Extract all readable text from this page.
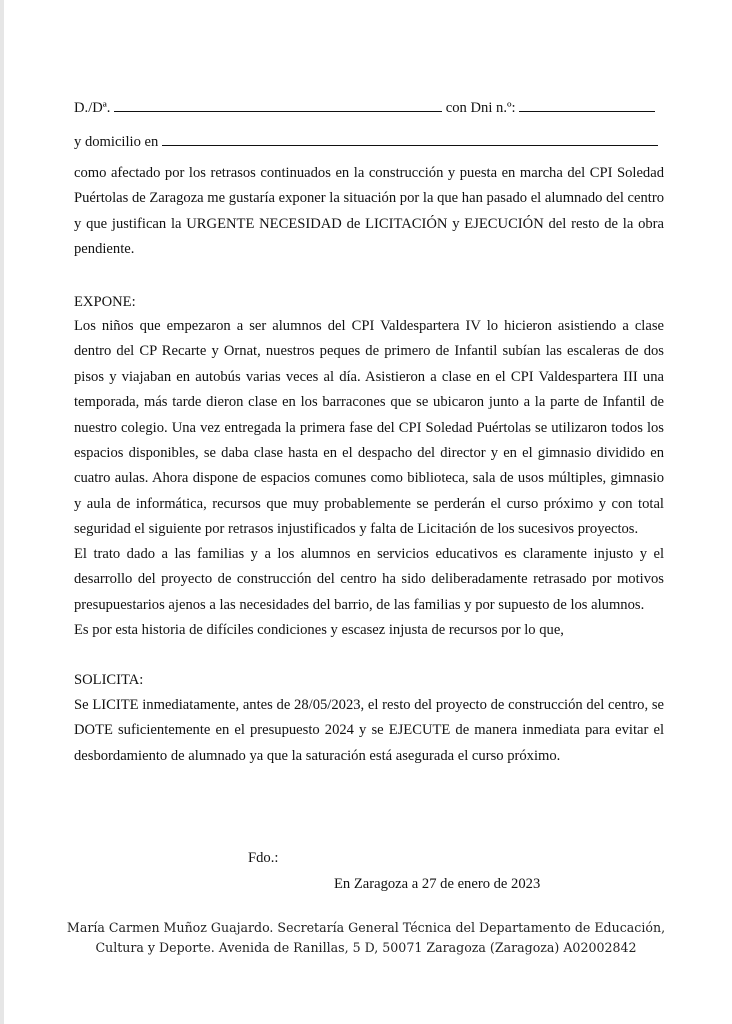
D./Dª.	con Dni n.º:
y domicilio en

como afectado por los retrasos continuados en la construcción y puesta en marcha del CPI Soledad Puértolas de Zaragoza me gustaría exponer la situación por la que han pasado el alumnado del centro y que justifican la URGENTE NECESIDAD de LICITACIÓN y EJECUCIÓN del resto de la obra pendiente.

EXPONE:

Los niños que empezaron a ser alumnos del CPI Valdespartera IV lo hicieron asistiendo a clase dentro del CP Recarte y Ornat, nuestros peques de primero de Infantil subían las escaleras de dos pisos y viajaban en autobús varias veces al día. Asistieron a clase en el CPI Valdespartera III una temporada, más tarde dieron clase en los barracones que se ubicaron junto a la parte de Infantil de nuestro colegio. Una vez entregada la primera fase del CPI Soledad Puértolas se utilizaron todos los espacios disponibles, se daba clase hasta en el despacho del director y en el gimnasio dividido en cuatro aulas. Ahora dispone de espacios comunes como biblioteca, sala de usos múltiples, gimnasio y aula de informática, recursos que muy probablemente se perderán el curso próximo y con total seguridad el siguiente por retrasos injustificados y falta de Licitación de los sucesivos proyectos.

El trato dado a las familias y a los alumnos en servicios educativos es claramente injusto y el desarrollo del proyecto de construcción del centro ha sido deliberadamente retrasado por motivos presupuestarios ajenos a las necesidades del barrio, de las familias y por supuesto de los alumnos.

Es por esta historia de difíciles condiciones y escasez injusta de recursos por lo que,

SOLICITA:

Se LICITE inmediatamente, antes de 28/05/2023, el resto del proyecto de construcción del centro, se DOTE suficientemente en el presupuesto 2024 y se EJECUTE de manera inmediata para evitar el desbordamiento de alumnado ya que la saturación está asegurada el curso próximo.

Fdo.:
En Zaragoza a 27 de enero de 2023
María Carmen Muñoz Guajardo. Secretaría General Técnica del Departamento de Educación,
Cultura y Deporte. Avenida de Ranillas, 5 D, 50071 Zaragoza (Zaragoza) A02002842
